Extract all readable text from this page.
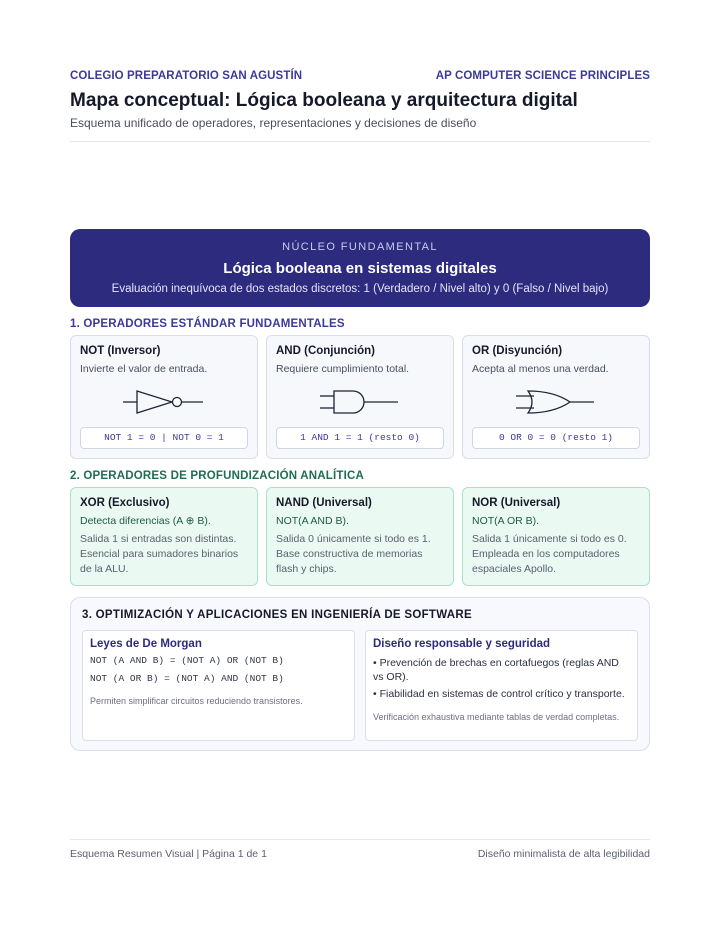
COLEGIO PREPARATORIO SAN AGUSTÍN	AP COMPUTER SCIENCE PRINCIPLES
Mapa conceptual: Lógica booleana y arquitectura digital
Esquema unificado de operadores, representaciones y decisiones de diseño
NÚCLEO FUNDAMENTAL
Lógica booleana en sistemas digitales
Evaluación inequívoca de dos estados discretos: 1 (Verdadero / Nivel alto) y 0 (Falso / Nivel bajo)
1. OPERADORES ESTÁNDAR FUNDAMENTALES
NOT (Inversor)
Invierte el valor de entrada.
NOT 1 = 0 | NOT 0 = 1
AND (Conjunción)
Requiere cumplimiento total.
1 AND 1 = 1 (resto 0)
OR (Disyunción)
Acepta al menos una verdad.
0 OR 0 = 0 (resto 1)
2. OPERADORES DE PROFUNDIZACIÓN ANALÍTICA
XOR (Exclusivo)
Detecta diferencias (A ⊕ B).
Salida 1 si entradas son distintas. Esencial para sumadores binarios de la ALU.
NAND (Universal)
NOT(A AND B).
Salida 0 únicamente si todo es 1. Base constructiva de memorias flash y chips.
NOR (Universal)
NOT(A OR B).
Salida 1 únicamente si todo es 0. Empleada en los computadores espaciales Apollo.
3. OPTIMIZACIÓN Y APLICACIONES EN INGENIERÍA DE SOFTWARE
Leyes de De Morgan
NOT (A AND B) = (NOT A) OR (NOT B)
NOT (A OR B) = (NOT A) AND (NOT B)
Permiten simplificar circuitos reduciendo transistores.
Diseño responsable y seguridad
• Prevención de brechas en cortafuegos (reglas AND vs OR).
• Fiabilidad en sistemas de control crítico y transporte.
Verificación exhaustiva mediante tablas de verdad completas.
Esquema Resumen Visual | Página 1 de 1	Diseño minimalista de alta legibilidad
